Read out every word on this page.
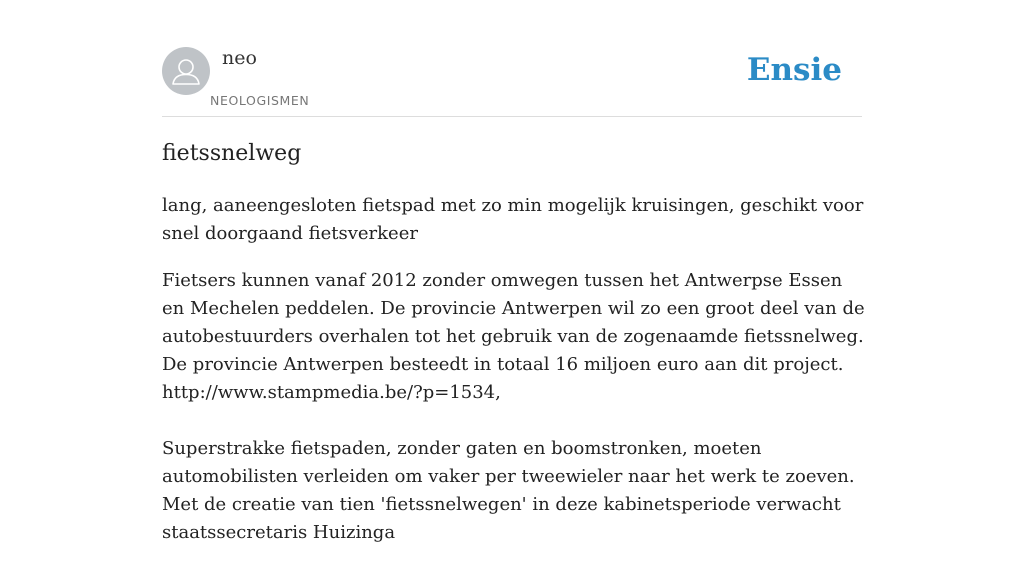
neo
NEOLOGISMEN
Ensie
fietssnelweg
lang, aaneengesloten fietspad met zo min mogelijk kruisingen, geschikt voor snel doorgaand fietsverkeer

Fietsers kunnen vanaf 2012 zonder omwegen tussen het Antwerpse Essen en Mechelen peddelen. De provincie Antwerpen wil zo een groot deel van de autobestuurders overhalen tot het gebruik van de zogenaamde fietssnelweg. De provincie Antwerpen besteedt in totaal 16 miljoen euro aan dit project. http://www.stampmedia.be/?p=1534,

Superstrakke fietspaden, zonder gaten en boomstronken, moeten automobilisten verleiden om vaker per tweewieler naar het werk te zoeven. Met de creatie van tien 'fietssnelwegen' in deze kabinetsperiode verwacht staatssecretaris Huizinga
